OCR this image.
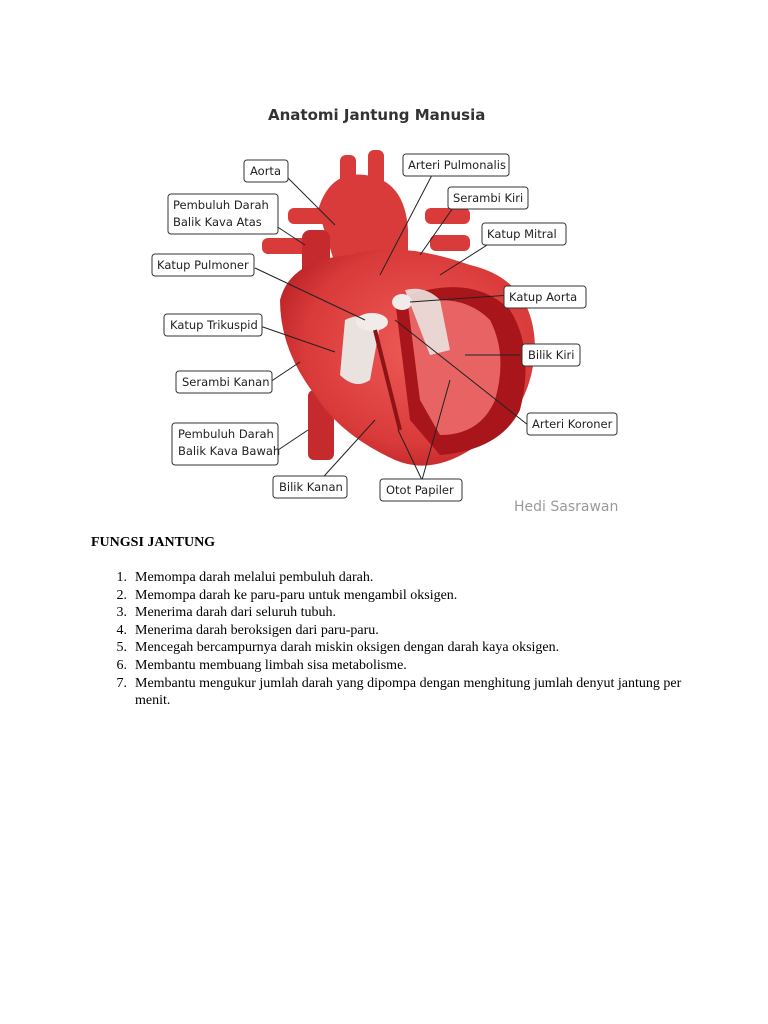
Anatomi Jantung Manusia
Aorta	Arteri Pulmonalis
Pembuluh Darah
Balik Kava Atas
Serambi Kiri
Katup Mitral
Katup Pulmoner
Katup Aorta
Katup Trikuspid
Bilik Kiri
Serambi Kanan
Arteri Koroner
Pembuluh Darah
Balik Kava Bawah
Bilik Kanan	Otot Papiler
Hedi Sasrawan
FUNGSI JANTUNG
1. Memompa darah melalui pembuluh darah.
2. Memompa darah ke paru-paru untuk mengambil oksigen.
3. Menerima darah dari seluruh tubuh.
4. Menerima darah beroksigen dari paru-paru.
5. Mencegah bercampurnya darah miskin oksigen dengan darah kaya oksigen.
6. Membantu membuang limbah sisa metabolisme.
7. Membantu mengukur jumlah darah yang dipompa dengan menghitung jumlah denyut jantung per menit.
